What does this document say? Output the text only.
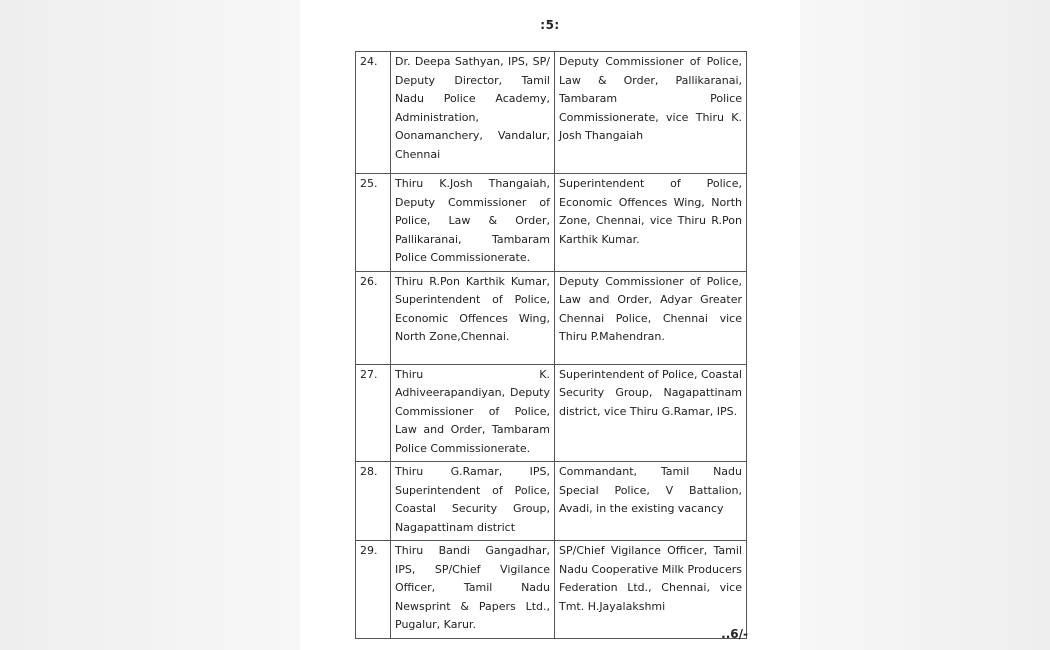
:5:
24.	Dr. Deepa Sathyan, IPS, SP/ Deputy Director, Tamil Nadu Police Academy, Administration, Oonamanchery, Vandalur, Chennai	Deputy Commissioner of Police, Law & Order, Pallikaranai, Tambaram Police Commissionerate, vice Thiru K. Josh Thangaiah
25.	Thiru K.Josh Thangaiah, Deputy Commissioner of Police, Law & Order, Pallikaranai, Tambaram Police Commissionerate.	Superintendent of Police, Economic Offences Wing, North Zone, Chennai, vice Thiru R.Pon Karthik Kumar.
26.	Thiru R.Pon Karthik Kumar, Superintendent of Police, Economic Offences Wing, North Zone,Chennai.	Deputy Commissioner of Police, Law and Order, Adyar Greater Chennai Police, Chennai vice Thiru P.Mahendran.
27.	Thiru K. Adhiveerapandiyan, Deputy Commissioner of Police, Law and Order, Tambaram Police Commissionerate.	Superintendent of Police, Coastal Security Group, Nagapattinam district, vice Thiru G.Ramar, IPS.
28.	Thiru G.Ramar, IPS, Superintendent of Police, Coastal Security Group, Nagapattinam district	Commandant, Tamil Nadu Special Police, V Battalion, Avadi, in the existing vacancy
29.	Thiru Bandi Gangadhar, IPS, SP/Chief Vigilance Officer, Tamil Nadu Newsprint & Papers Ltd., Pugalur, Karur.	SP/Chief Vigilance Officer, Tamil Nadu Cooperative Milk Producers Federation Ltd., Chennai, vice Tmt. H.Jayalakshmi
..6/-
